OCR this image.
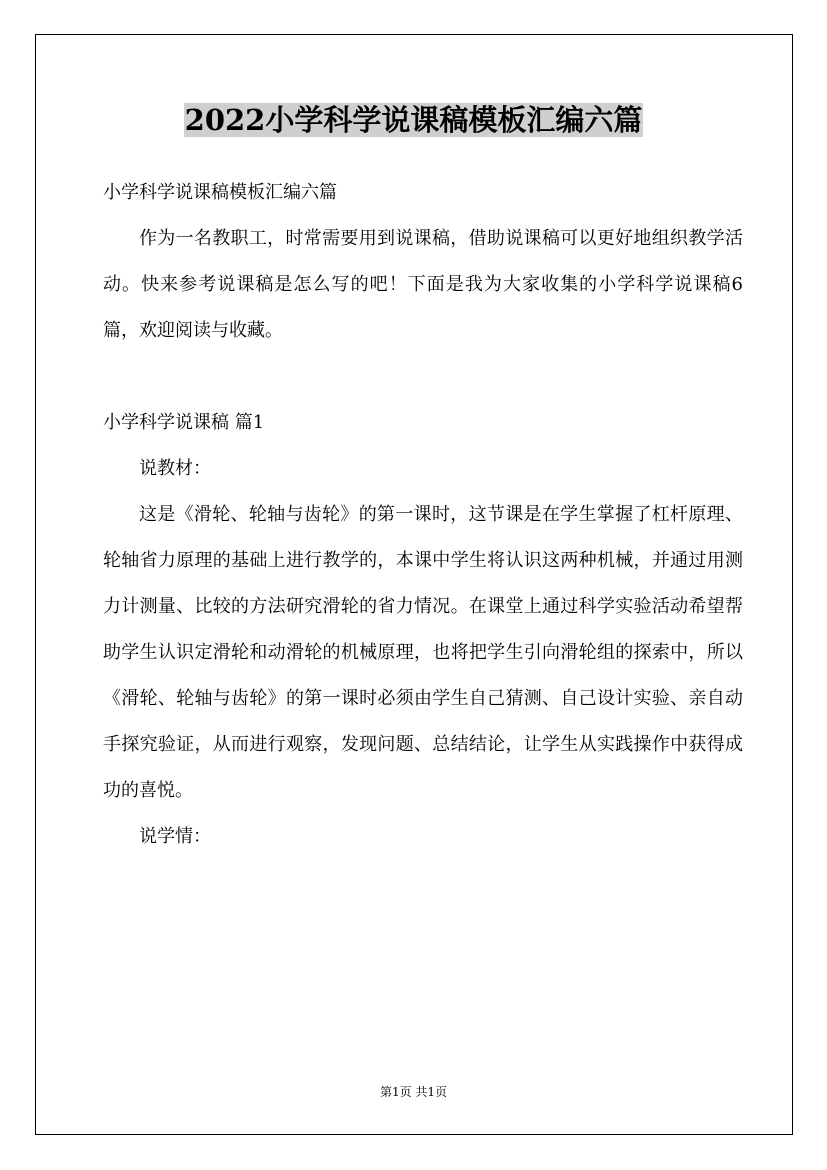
2022小学科学说课稿模板汇编六篇

小学科学说课稿模板汇编六篇

作为一名教职工，时常需要用到说课稿，借助说课稿可以更好地组织教学活动。快来参考说课稿是怎么写的吧！下面是我为大家收集的小学科学说课稿6篇，欢迎阅读与收藏。

小学科学说课稿 篇1

说教材：

这是《滑轮、轮轴与齿轮》的第一课时，这节课是在学生掌握了杠杆原理、轮轴省力原理的基础上进行教学的，本课中学生将认识这两种机械，并通过用测力计测量、比较的方法研究滑轮的省力情况。在课堂上通过科学实验活动希望帮助学生认识定滑轮和动滑轮的机械原理，也将把学生引向滑轮组的探索中，所以《滑轮、轮轴与齿轮》的第一课时必须由学生自己猜测、自己设计实验、亲自动手探究验证，从而进行观察，发现问题、总结结论，让学生从实践操作中获得成功的喜悦。

说学情：

第1页 共1页
